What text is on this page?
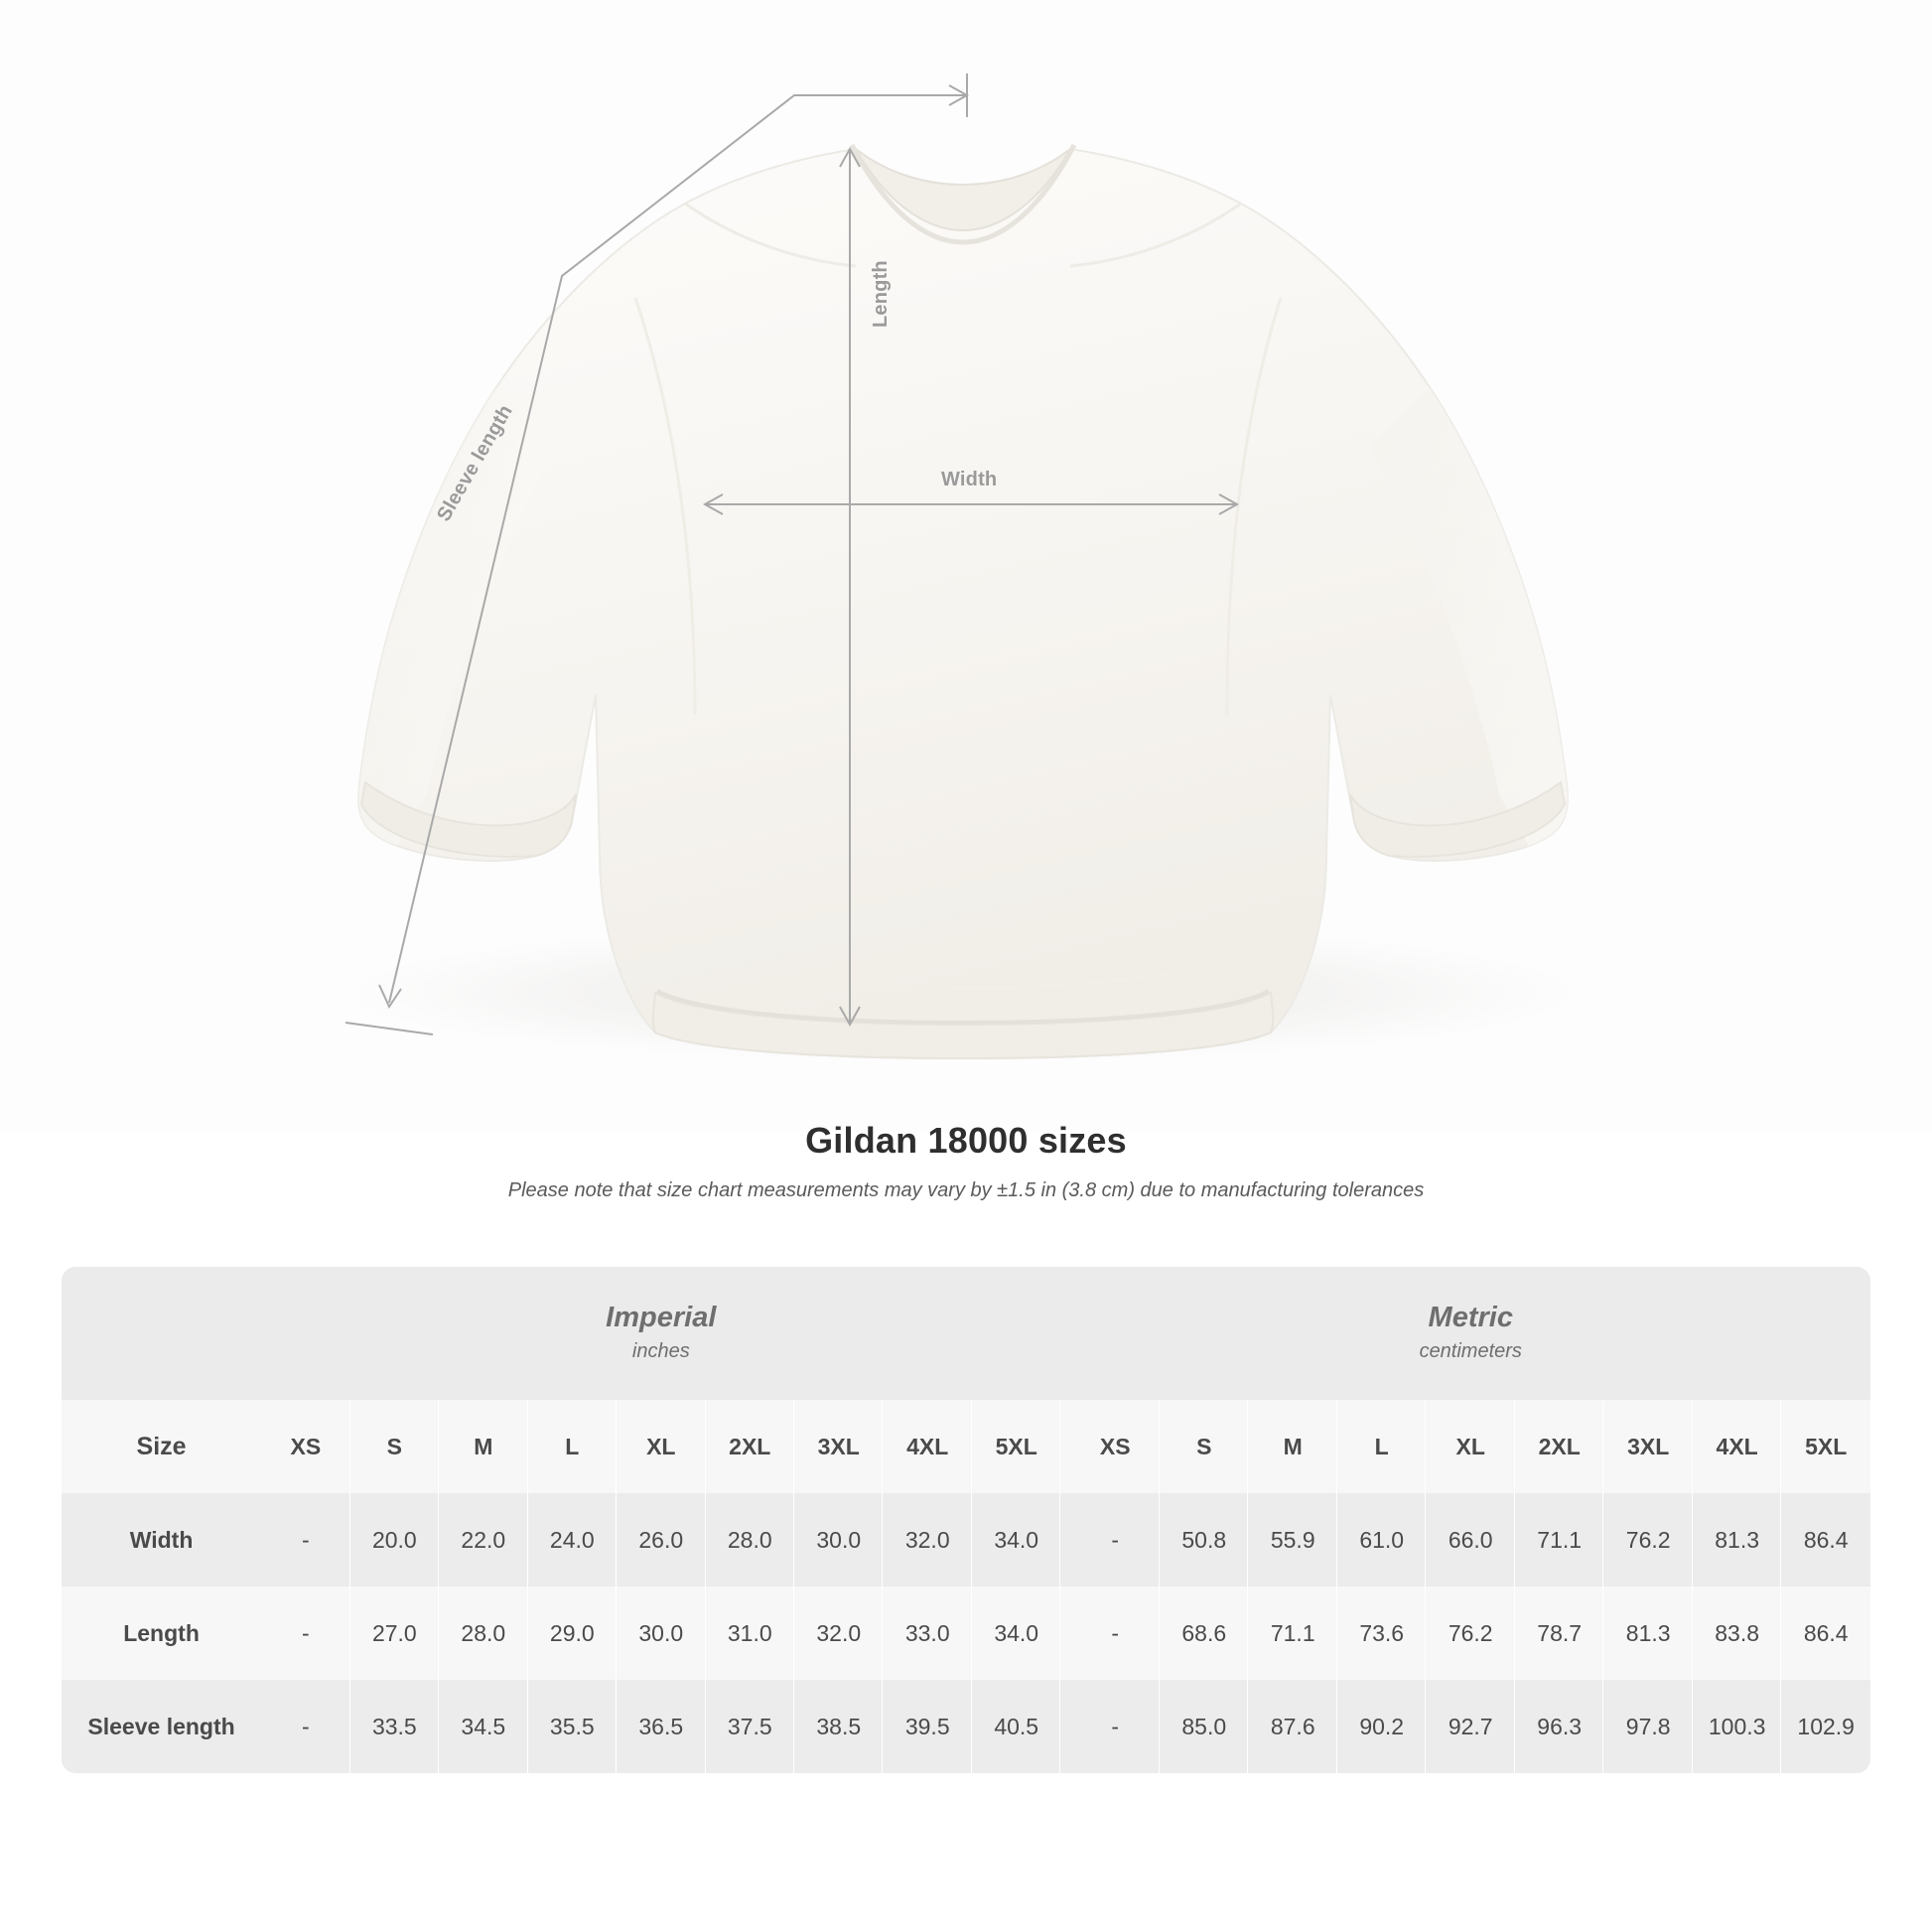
Width
Length
Sleeve length
Gildan 18000 sizes

Please note that size chart measurements may vary by ±1.5 in (3.8 cm) due to manufacturing tolerances

Imperial
inches

Metric
centimeters

Size	XS	S	M	L	XL	2XL	3XL	4XL	5XL		XS	S	M	L	XL	2XL	3XL	4XL	5XL
Width	-	20.0	22.0	24.0	26.0	28.0	30.0	32.0	34.0		-	50.8	55.9	61.0	66.0	71.1	76.2	81.3	86.4
Length	-	27.0	28.0	29.0	30.0	31.0	32.0	33.0	34.0		-	68.6	71.1	73.6	76.2	78.7	81.3	83.8	86.4
Sleeve length	-	33.5	34.5	35.5	36.5	37.5	38.5	39.5	40.5		-	85.0	87.6	90.2	92.7	96.3	97.8	100.3	102.9
